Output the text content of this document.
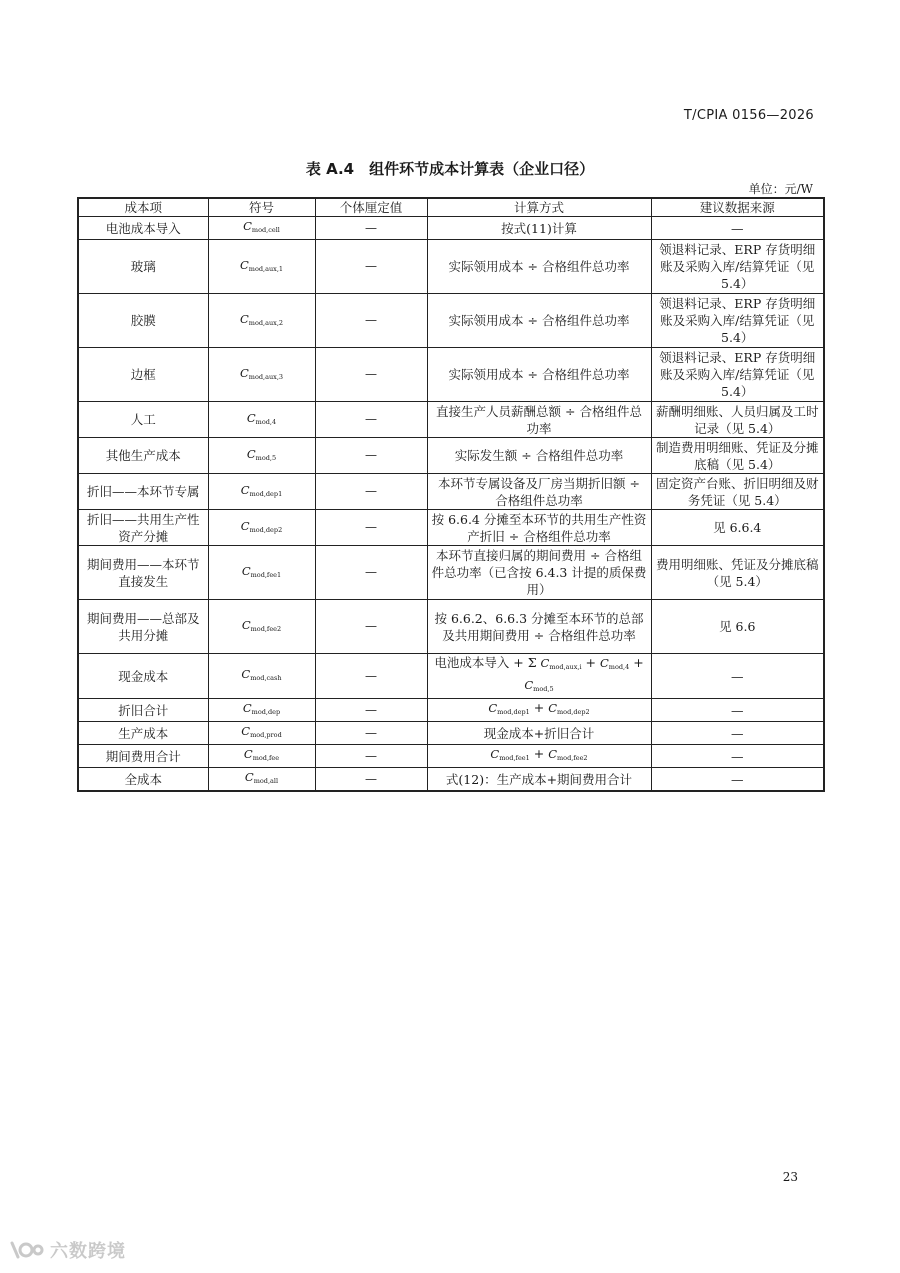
T/CPIA 0156—2026
表 A.4　组件环节成本计算表（企业口径）
单位：元/W
成本项	符号	个体厘定值	计算方式	建议数据来源
电池成本导入	$C_{mod,cell}$	—	按式(11)计算	—
玻璃	$C_{mod,aux,1}$	—	实际领用成本 ÷ 合格组件总功率	领退料记录、ERP 存货明细账及采购入库/结算凭证（见 5.4）
胶膜	$C_{mod,aux,2}$	—	实际领用成本 ÷ 合格组件总功率	领退料记录、ERP 存货明细账及采购入库/结算凭证（见 5.4）
边框	$C_{mod,aux,3}$	—	实际领用成本 ÷ 合格组件总功率	领退料记录、ERP 存货明细账及采购入库/结算凭证（见 5.4）
人工	$C_{mod,4}$	—	直接生产人员薪酬总额 ÷ 合格组件总功率	薪酬明细账、人员归属及工时记录（见 5.4）
其他生产成本	$C_{mod,5}$	—	实际发生额 ÷ 合格组件总功率	制造费用明细账、凭证及分摊底稿（见 5.4）
折旧——本环节专属	$C_{mod,dep1}$	—	本环节专属设备及厂房当期折旧额 ÷ 合格组件总功率	固定资产台账、折旧明细及财务凭证（见 5.4）
折旧——共用生产性资产分摊	$C_{mod,dep2}$	—	按 6.6.4 分摊至本环节的共用生产性资产折旧 ÷ 合格组件总功率	见 6.6.4
期间费用——本环节直接发生	$C_{mod,fee1}$	—	本环节直接归属的期间费用 ÷ 合格组件总功率（已含按 6.4.3 计提的质保费用）	费用明细账、凭证及分摊底稿（见 5.4）
期间费用——总部及共用分摊	$C_{mod,fee2}$	—	按 6.6.2、6.6.3 分摊至本环节的总部及共用期间费用 ÷ 合格组件总功率	见 6.6
现金成本	$C_{mod,cash}$	—	电池成本导入 + Σ $C_{mod,aux,i} + C_{mod,4} + C_{mod,5}$	—
折旧合计	$C_{mod,dep}$	—	$C_{mod,dep1} + C_{mod,dep2}$	—
生产成本	$C_{mod,prod}$	—	现金成本+折旧合计	—
期间费用合计	$C_{mod,fee}$	—	$C_{mod,fee1} + C_{mod,fee2}$	—
全成本	$C_{mod,all}$	—	式(12)：生产成本+期间费用合计	—
23
六数跨境
